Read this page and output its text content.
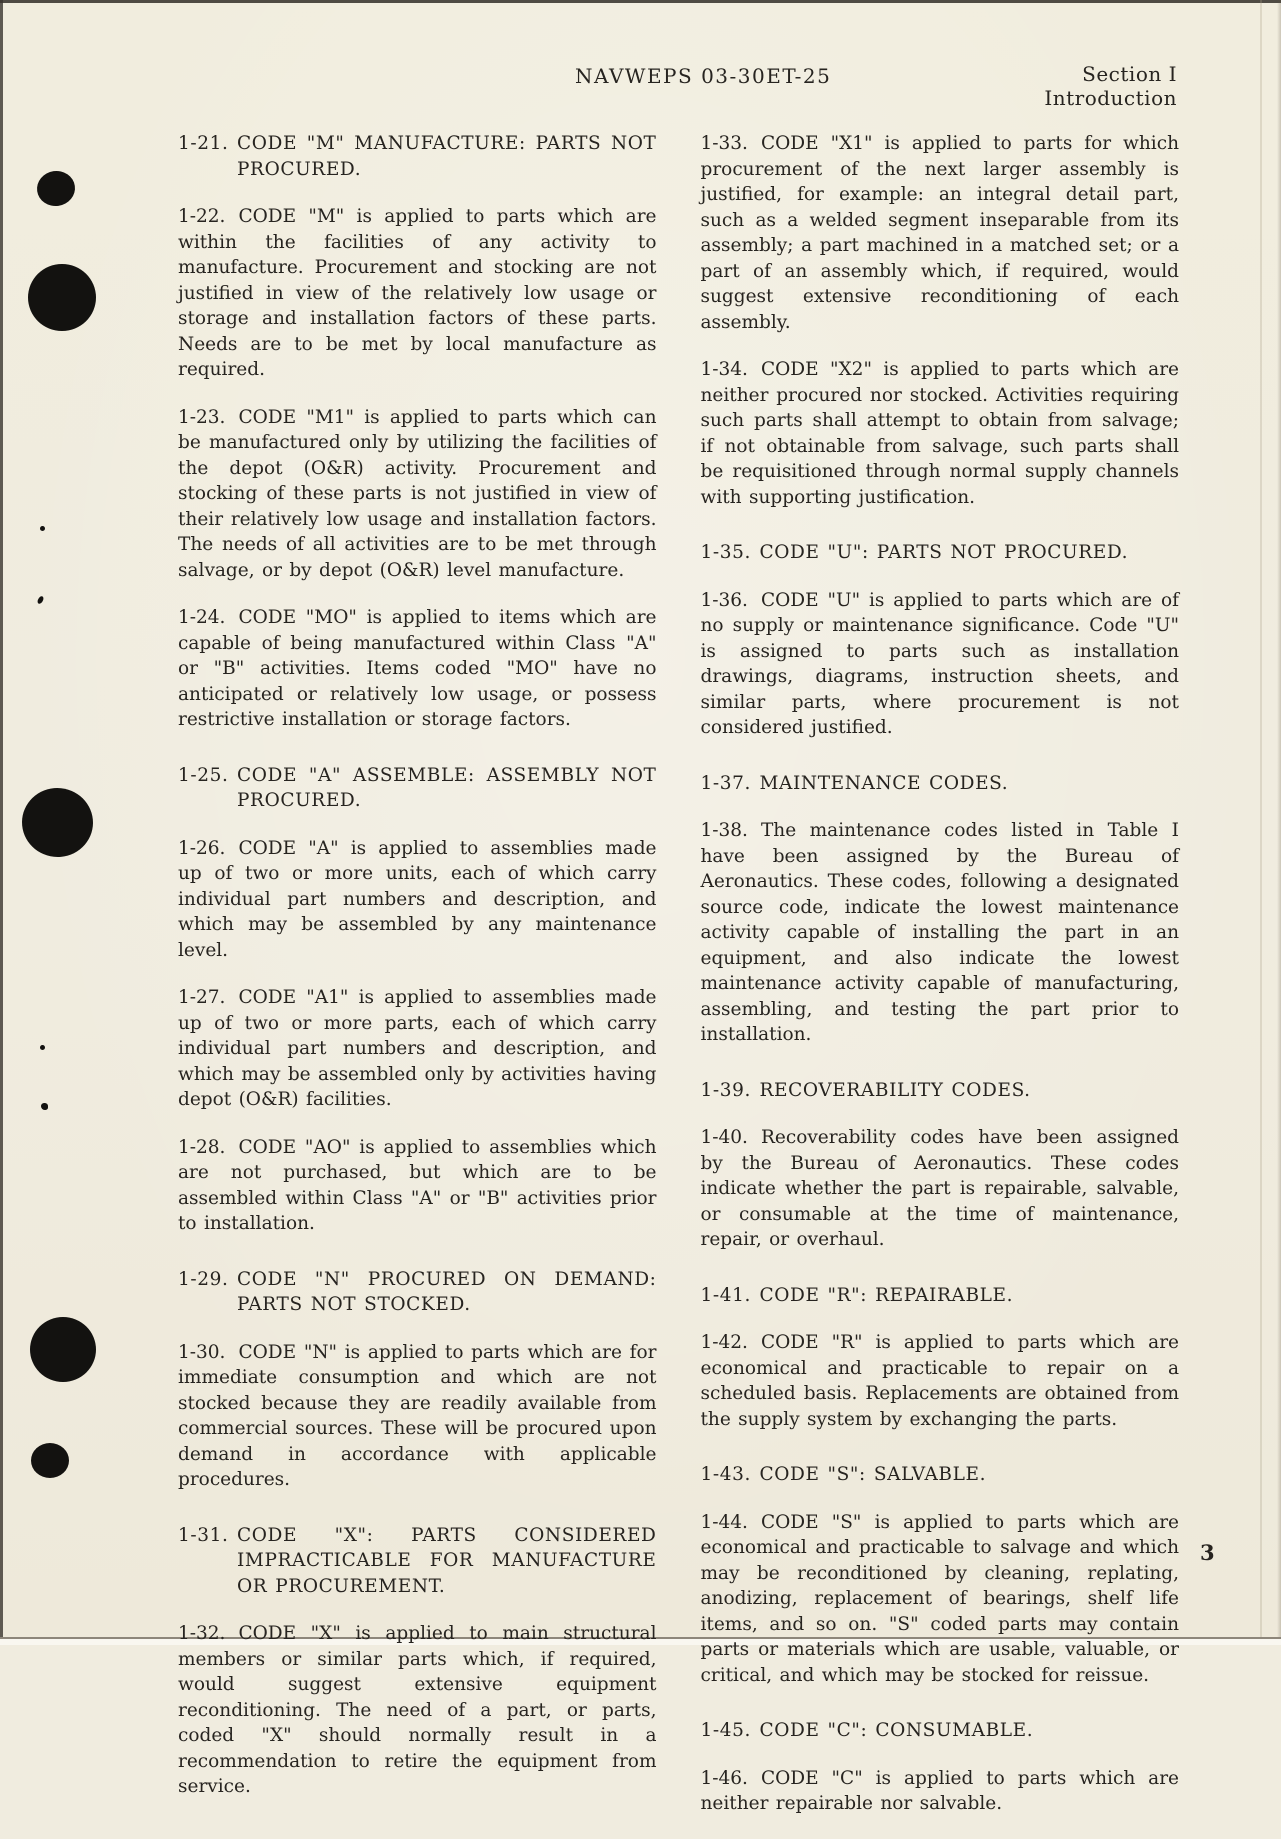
NAVWEPS 03-30ET-25	Section I
Introduction

1-21. CODE "M" MANUFACTURE: PARTS NOT PROCURED.

1-22. CODE "M" is applied to parts which are within the facilities of any activity to manufacture. Procurement and stocking are not justified in view of the relatively low usage or storage and installation factors of these parts. Needs are to be met by local manufacture as required.

1-23. CODE "M1" is applied to parts which can be manufactured only by utilizing the facilities of the depot (O&R) activity. Procurement and stocking of these parts is not justified in view of their relatively low usage and installation factors. The needs of all activities are to be met through salvage, or by depot (O&R) level manufacture.

1-24. CODE "MO" is applied to items which are capable of being manufactured within Class "A" or "B" activities. Items coded "MO" have no anticipated or relatively low usage, or possess restrictive installation or storage factors.

1-25. CODE "A" ASSEMBLE: ASSEMBLY NOT PROCURED.

1-26. CODE "A" is applied to assemblies made up of two or more units, each of which carry individual part numbers and description, and which may be assembled by any maintenance level.

1-27. CODE "A1" is applied to assemblies made up of two or more parts, each of which carry individual part numbers and description, and which may be assembled only by activities having depot (O&R) facilities.

1-28. CODE "AO" is applied to assemblies which are not purchased, but which are to be assembled within Class "A" or "B" activities prior to installation.

1-29. CODE "N" PROCURED ON DEMAND: PARTS NOT STOCKED.

1-30. CODE "N" is applied to parts which are for immediate consumption and which are not stocked because they are readily available from commercial sources. These will be procured upon demand in accordance with applicable procedures.

1-31. CODE "X": PARTS CONSIDERED IMPRACTICABLE FOR MANUFACTURE OR PROCUREMENT.

1-32. CODE "X" is applied to main structural members or similar parts which, if required, would suggest extensive equipment reconditioning. The need of a part, or parts, coded "X" should normally result in a recommendation to retire the equipment from service.

1-33. CODE "X1" is applied to parts for which procurement of the next larger assembly is justified, for example: an integral detail part, such as a welded segment inseparable from its assembly; a part machined in a matched set; or a part of an assembly which, if required, would suggest extensive reconditioning of each assembly.

1-34. CODE "X2" is applied to parts which are neither procured nor stocked. Activities requiring such parts shall attempt to obtain from salvage; if not obtainable from salvage, such parts shall be requisitioned through normal supply channels with supporting justification.

1-35. CODE "U": PARTS NOT PROCURED.

1-36. CODE "U" is applied to parts which are of no supply or maintenance significance. Code "U" is assigned to parts such as installation drawings, diagrams, instruction sheets, and similar parts, where procurement is not considered justified.

1-37. MAINTENANCE CODES.

1-38. The maintenance codes listed in Table I have been assigned by the Bureau of Aeronautics. These codes, following a designated source code, indicate the lowest maintenance activity capable of installing the part in an equipment, and also indicate the lowest maintenance activity capable of manufacturing, assembling, and testing the part prior to installation.

1-39. RECOVERABILITY CODES.

1-40. Recoverability codes have been assigned by the Bureau of Aeronautics. These codes indicate whether the part is repairable, salvable, or consumable at the time of maintenance, repair, or overhaul.

1-41. CODE "R": REPAIRABLE.

1-42. CODE "R" is applied to parts which are economical and practicable to repair on a scheduled basis. Replacements are obtained from the supply system by exchanging the parts.

1-43. CODE "S": SALVABLE.

1-44. CODE "S" is applied to parts which are economical and practicable to salvage and which may be reconditioned by cleaning, replating, anodizing, replacement of bearings, shelf life items, and so on. "S" coded parts may contain parts or materials which are usable, valuable, or critical, and which may be stocked for reissue.

1-45. CODE "C": CONSUMABLE.

1-46. CODE "C" is applied to parts which are neither repairable nor salvable.

3
